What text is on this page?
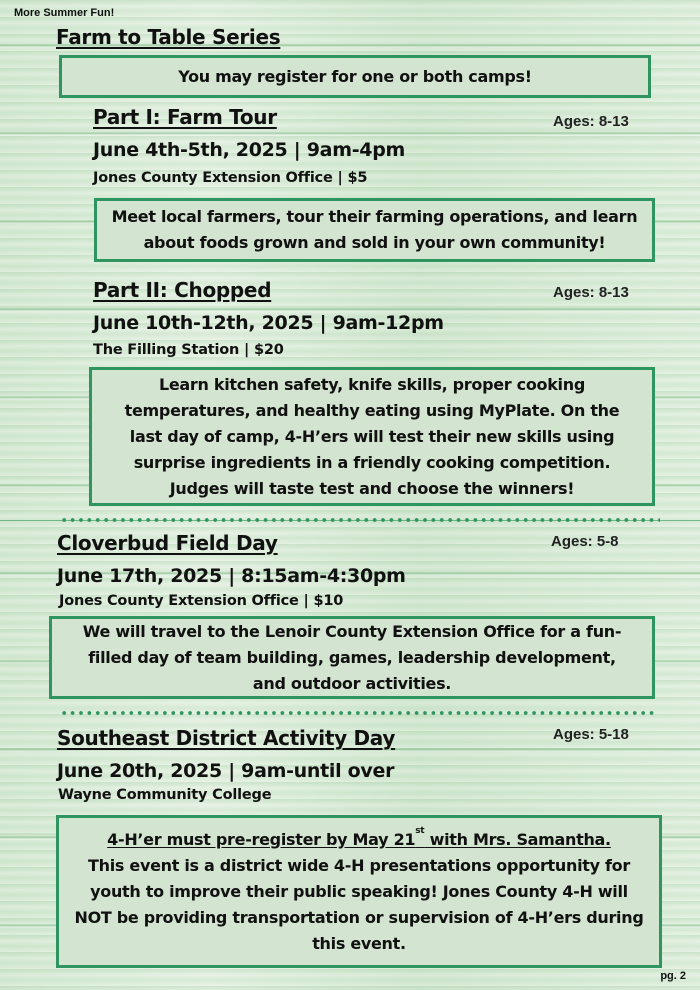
More Summer Fun!
Farm to Table Series

You may register for one or both camps!

Part I: Farm Tour	Ages: 8-13
June 4th-5th, 2025 | 9am-4pm
Jones County Extension Office | $5

Meet local farmers, tour their farming operations, and learn about foods grown and sold in your own community!

Part II: Chopped	Ages: 8-13
June 10th-12th, 2025 | 9am-12pm
The Filling Station | $20

Learn kitchen safety, knife skills, proper cooking temperatures, and healthy eating using MyPlate. On the last day of camp, 4-H’ers will test their new skills using surprise ingredients in a friendly cooking competition. Judges will taste test and choose the winners!

Cloverbud Field Day	Ages: 5-8
June 17th, 2025 | 8:15am-4:30pm
Jones County Extension Office | $10

We will travel to the Lenoir County Extension Office for a fun-filled day of team building, games, leadership development, and outdoor activities.

Southeast District Activity Day	Ages: 5-18
June 20th, 2025 | 9am-until over
Wayne Community College

4-H’er must pre-register by May 21st with Mrs. Samantha.

This event is a district wide 4-H presentations opportunity for youth to improve their public speaking! Jones County 4-H will NOT be providing transportation or supervision of 4-H’ers during this event.

pg. 2
